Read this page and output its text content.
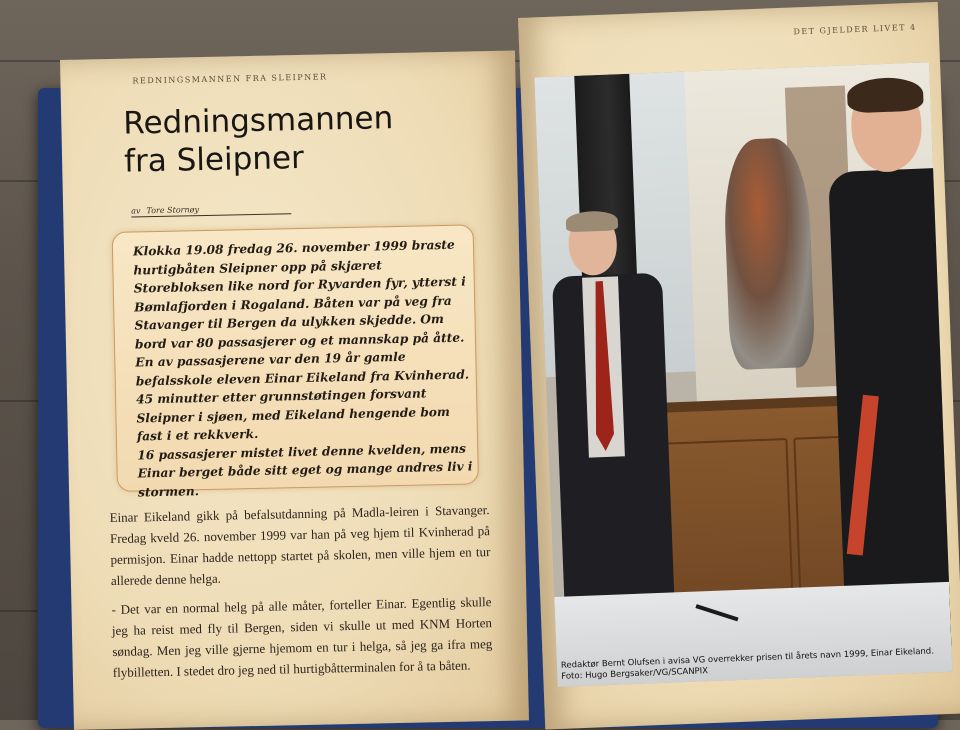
REDNINGSMANNEN FRA SLEIPNER
Redningsmannen
fra Sleipner
av Tore Stornøy

Klokka 19.08 fredag 26. november 1999 braste hurtigbåten Sleipner opp på skjæret Storebloksen like nord for Ryvarden fyr, ytterst i Bømlafjorden i Rogaland. Båten var på veg fra Stavanger til Bergen da ulykken skjedde. Om bord var 80 passasjerer og et mannskap på åtte.
En av passasjerene var den 19 år gamle befalsskole eleven Einar Eikeland fra Kvinherad. 45 minutter etter grunnstøtingen forsvant Sleipner i sjøen, med Eikeland hengende bom fast i et rekkverk.
16 passasjerer mistet livet denne kvelden, mens Einar berget både sitt eget og mange andres liv i stormen.

Einar Eikeland gikk på befalsutdanning på Madla-leiren i Stavanger. Fredag kveld 26. november 1999 var han på veg hjem til Kvinherad på permisjon. Einar hadde nettopp startet på skolen, men ville hjem en tur allerede denne helga.

- Det var en normal helg på alle måter, forteller Einar. Egentlig skulle jeg ha reist med fly til Bergen, siden vi skulle ut med KNM Horten søndag. Men jeg ville gjerne hjemom en tur i helga, så jeg ga ifra meg flybilletten. I stedet dro jeg ned til hurtigbåtterminalen for å ta båten.

DET GJELDER LIVET 4

Redaktør Bernt Olufsen i avisa VG overrekker prisen til årets navn 1999, Einar Eikeland.
Foto: Hugo Bergsaker/VG/SCANPIX
